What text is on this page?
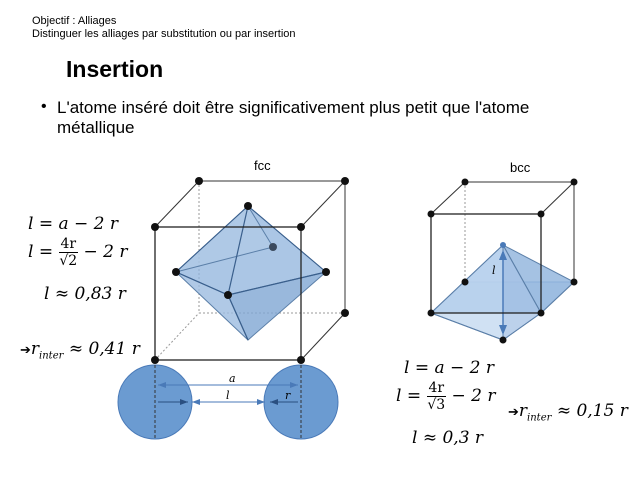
Objectif : Alliages
Distinguer les alliages par substitution ou par insertion
Insertion
• L'atome inséré doit être significativement plus petit que l'atome métallique
fcc	bcc
a
l	r
l
l = a − 2 r
$l = \frac{4r}{√2} - 2$ r
l ≈ 0,83 r
$➔r_{inter} \approx 0,41$ r
l = a − 2 r
$l = \frac{4r}{√3} - 2$ r
l ≈ 0,3 r
$➔r_{inter} \approx 0,15$ r
